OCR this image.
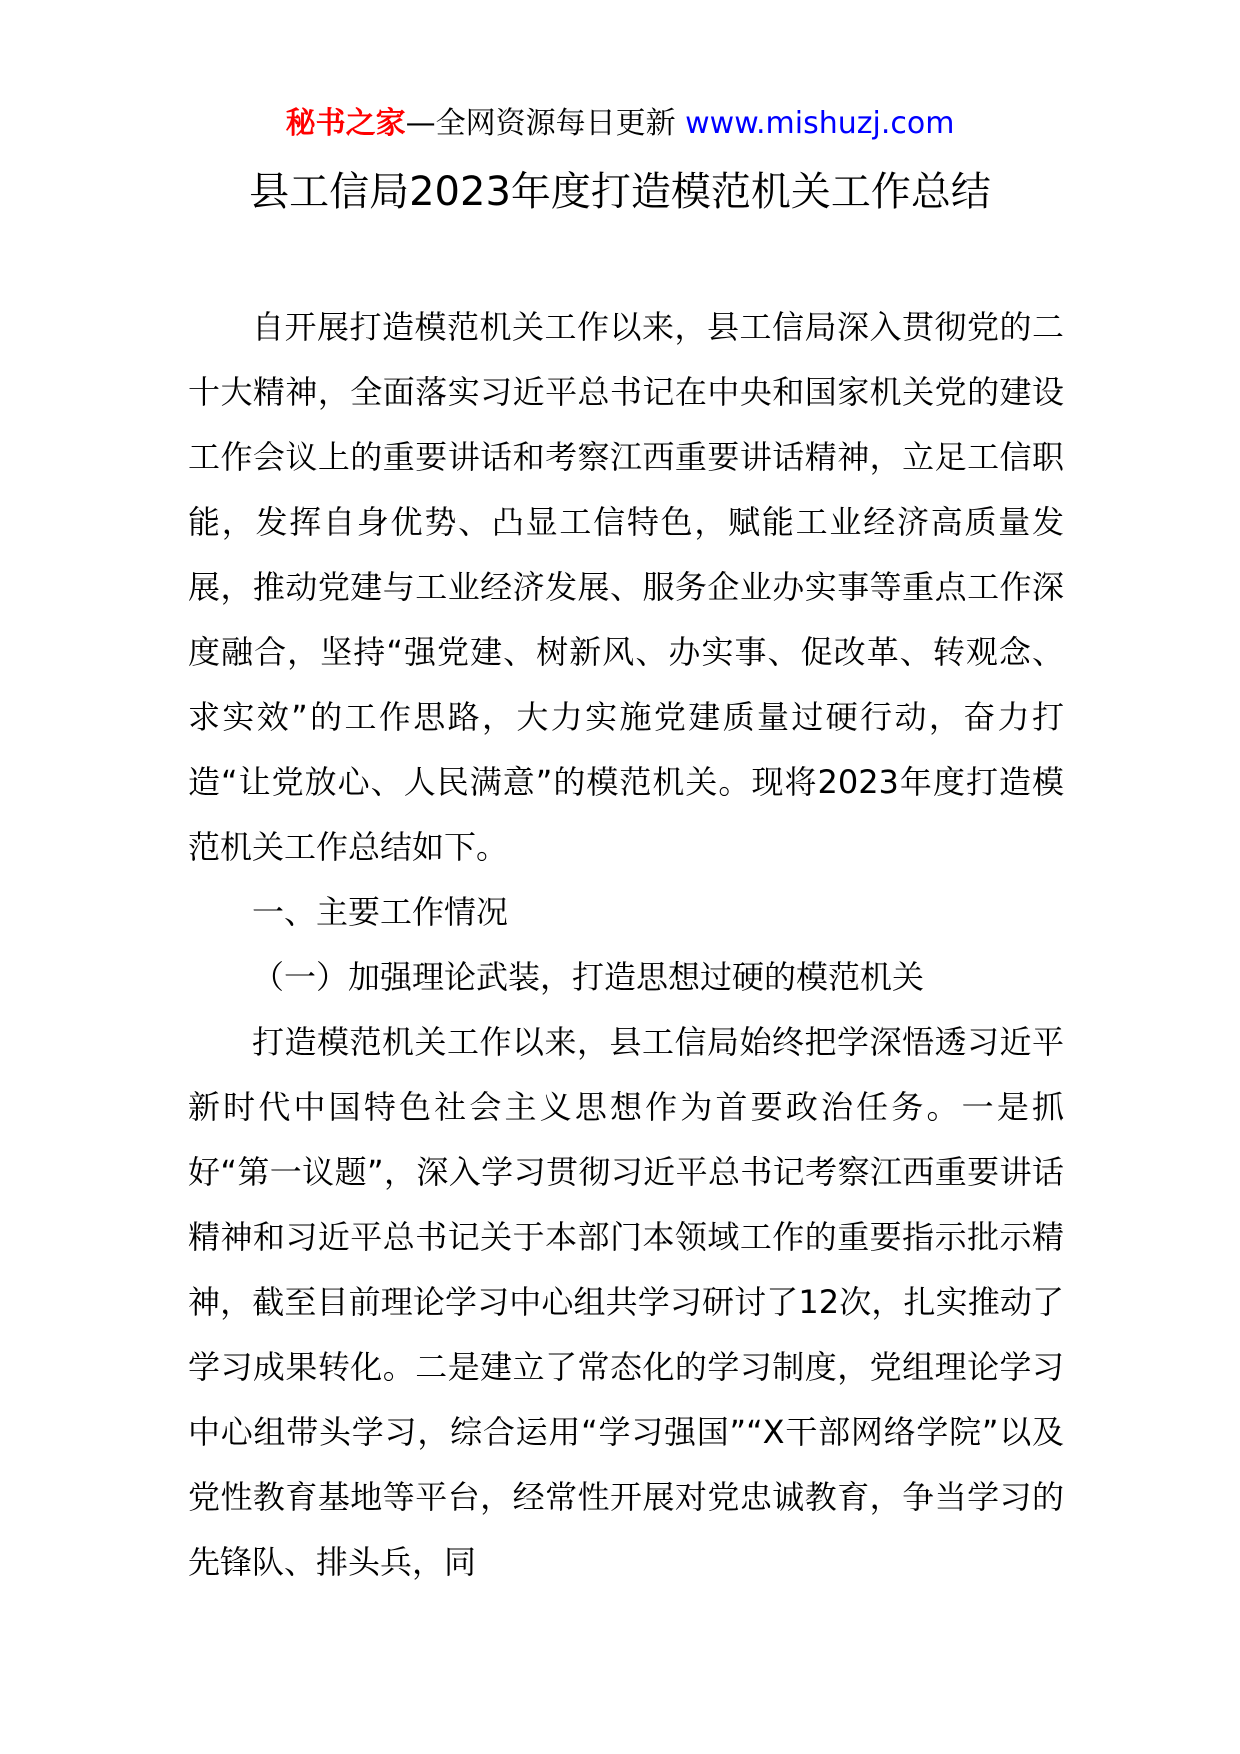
秘书之家—全网资源每日更新 www.mishuzj.com
县工信局2023年度打造模范机关工作总结

自开展打造模范机关工作以来，县工信局深入贯彻党的二十大精神，全面落实习近平总书记在中央和国家机关党的建设工作会议上的重要讲话和考察江西重要讲话精神，立足工信职能，发挥自身优势、凸显工信特色，赋能工业经济高质量发展，推动党建与工业经济发展、服务企业办实事等重点工作深度融合，坚持“强党建、树新风、办实事、促改革、转观念、求实效”的工作思路，大力实施党建质量过硬行动，奋力打造“让党放心、人民满意”的模范机关。现将2023年度打造模范机关工作总结如下。

一、主要工作情况

（一）加强理论武装，打造思想过硬的模范机关

打造模范机关工作以来，县工信局始终把学深悟透习近平新时代中国特色社会主义思想作为首要政治任务。一是抓好“第一议题”，深入学习贯彻习近平总书记考察江西重要讲话精神和习近平总书记关于本部门本领域工作的重要指示批示精神，截至目前理论学习中心组共学习研讨了12次，扎实推动了学习成果转化。二是建立了常态化的学习制度，党组理论学习中心组带头学习，综合运用“学习强国”“X干部网络学院”以及党性教育基地等平台，经常性开展对党忠诚教育，争当学习的先锋队、排头兵，同
